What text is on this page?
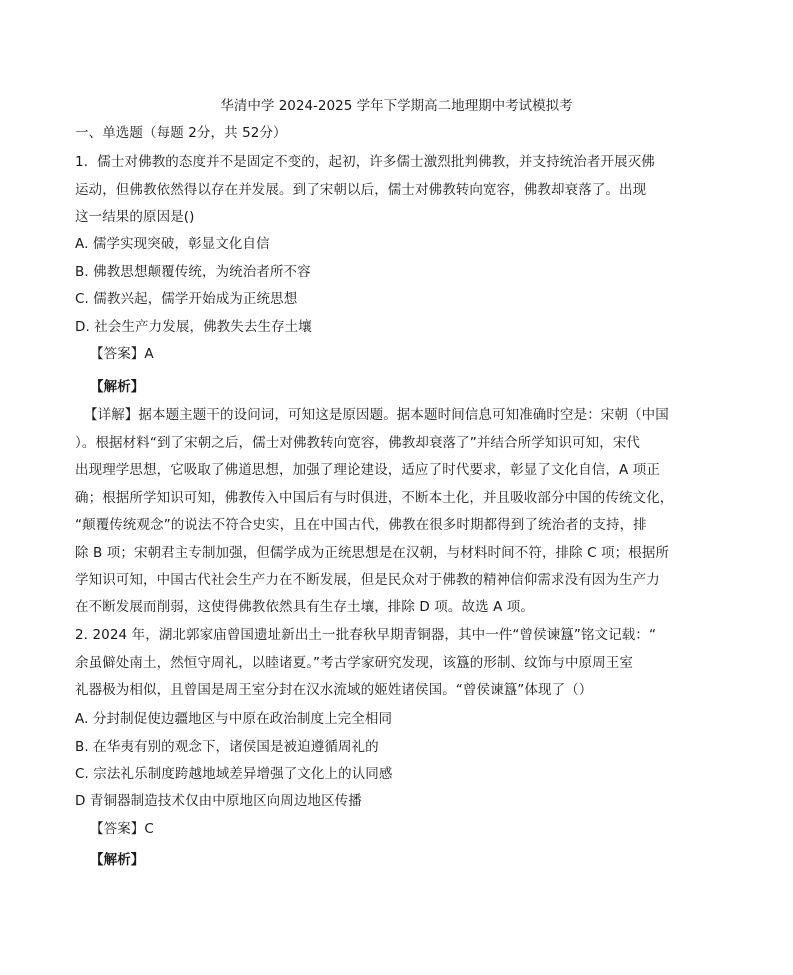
华清中学 2024-2025 学年下学期高二地理期中考试模拟考
一、单选题（每题 2分，共 52分）
1．儒士对佛教的态度并不是固定不变的，起初，许多儒士激烈批判佛教，并支持统治者开展灭佛
运动，但佛教依然得以存在并发展。到了宋朝以后，儒士对佛教转向宽容，佛教却衰落了。出现
这一结果的原因是()
A. 儒学实现突破，彰显文化自信
B. 佛教思想颠覆传统，为统治者所不容
C. 儒教兴起，儒学开始成为正统思想
D. 社会生产力发展，佛教失去生存土壤
【答案】A
【解析】
【详解】据本题主题干的设问词，可知这是原因题。据本题时间信息可知准确时空是：宋朝（中国
）。根据材料“到了宋朝之后，儒士对佛教转向宽容，佛教却衰落了”并结合所学知识可知，宋代
出现理学思想，它吸取了佛道思想，加强了理论建设，适应了时代要求，彰显了文化自信，A 项正
确；根据所学知识可知，佛教传入中国后有与时俱进，不断本土化，并且吸收部分中国的传统文化，
“颠覆传统观念”的说法不符合史实，且在中国古代，佛教在很多时期都得到了统治者的支持，排
除 B 项；宋朝君主专制加强，但儒学成为正统思想是在汉朝，与材料时间不符，排除 C 项；根据所
学知识可知，中国古代社会生产力在不断发展，但是民众对于佛教的精神信仰需求没有因为生产力
在不断发展而削弱，这使得佛教依然具有生存土壤，排除 D 项。故选 A 项。
2. 2024 年，湖北郭家庙曾国遗址新出土一批春秋早期青铜器，其中一件“曾侯谏簋”铭文记载：“
余虽僻处南土，然恒守周礼，以睦诸夏。”考古学家研究发现，该簋的形制、纹饰与中原周王室
礼器极为相似，且曾国是周王室分封在汉水流域的姬姓诸侯国。“曾侯谏簋”体现了（）
A. 分封制促使边疆地区与中原在政治制度上完全相同
B. 在华夷有别的观念下，诸侯国是被迫遵循周礼的
C. 宗法礼乐制度跨越地域差异增强了文化上的认同感
D 青铜器制造技术仅由中原地区向周边地区传播
【答案】C
【解析】
